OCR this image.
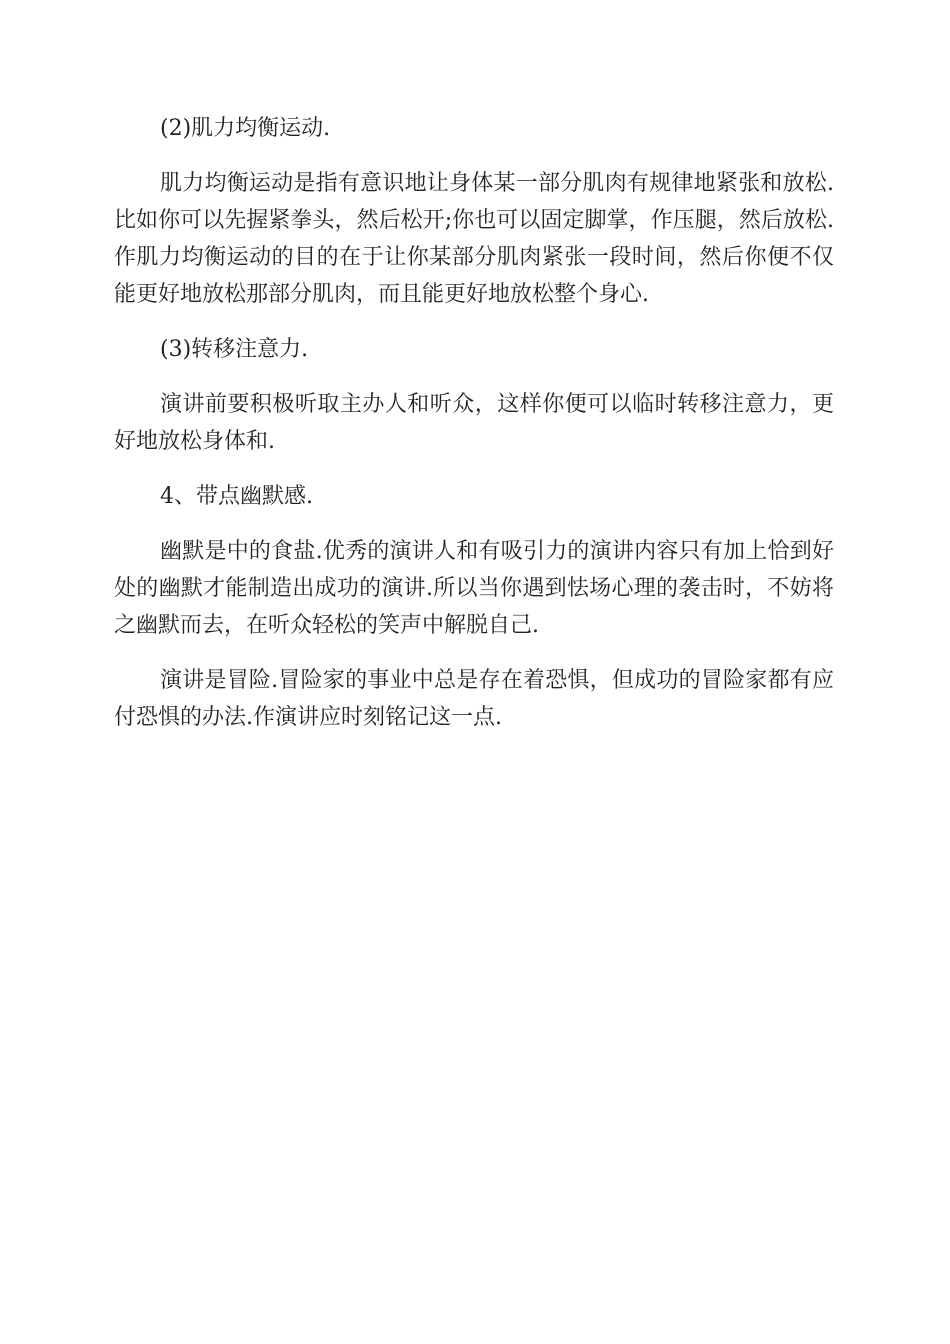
(2)肌力均衡运动.

肌力均衡运动是指有意识地让身体某一部分肌肉有规律地紧张和放松.比如你可以先握紧拳头，然后松开;你也可以固定脚掌，作压腿，然后放松.作肌力均衡运动的目的在于让你某部分肌肉紧张一段时间，然后你便不仅能更好地放松那部分肌肉，而且能更好地放松整个身心.

(3)转移注意力.

演讲前要积极听取主办人和听众，这样你便可以临时转移注意力，更好地放松身体和.

4、带点幽默感.

幽默是中的食盐.优秀的演讲人和有吸引力的演讲内容只有加上恰到好处的幽默才能制造出成功的演讲.所以当你遇到怯场心理的袭击时，不妨将之幽默而去，在听众轻松的笑声中解脱自己.

演讲是冒险.冒险家的事业中总是存在着恐惧，但成功的冒险家都有应付恐惧的办法.作演讲应时刻铭记这一点.
